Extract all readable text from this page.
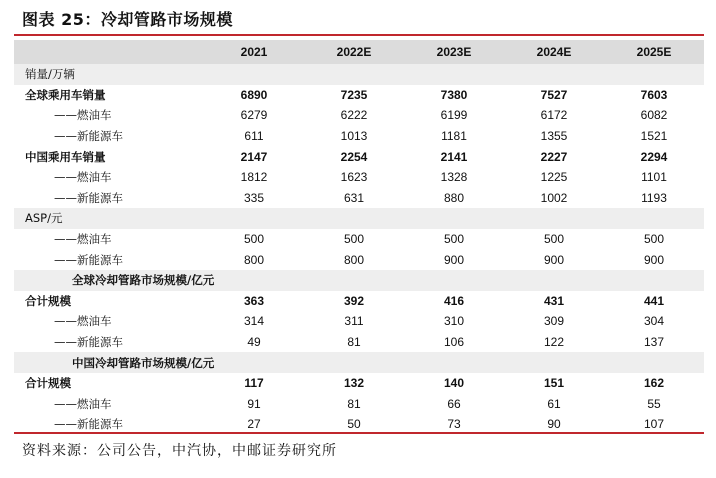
图表 25：冷却管路市场规模
	2021	2022E	2023E	2024E	2025E
销量/万辆					
全球乘用车销量	6890	7235	7380	7527	7603
——燃油车	6279	6222	6199	6172	6082
——新能源车	611	1013	1181	1355	1521
中国乘用车销量	2147	2254	2141	2227	2294
——燃油车	1812	1623	1328	1225	1101
——新能源车	335	631	880	1002	1193
ASP/元					
——燃油车	500	500	500	500	500
——新能源车	800	800	900	900	900
全球冷却管路市场规模/亿元					
合计规模	363	392	416	431	441
——燃油车	314	311	310	309	304
——新能源车	49	81	106	122	137
中国冷却管路市场规模/亿元					
合计规模	117	132	140	151	162
——燃油车	91	81	66	61	55
——新能源车	27	50	73	90	107
资料来源：公司公告，中汽协，中邮证券研究所
